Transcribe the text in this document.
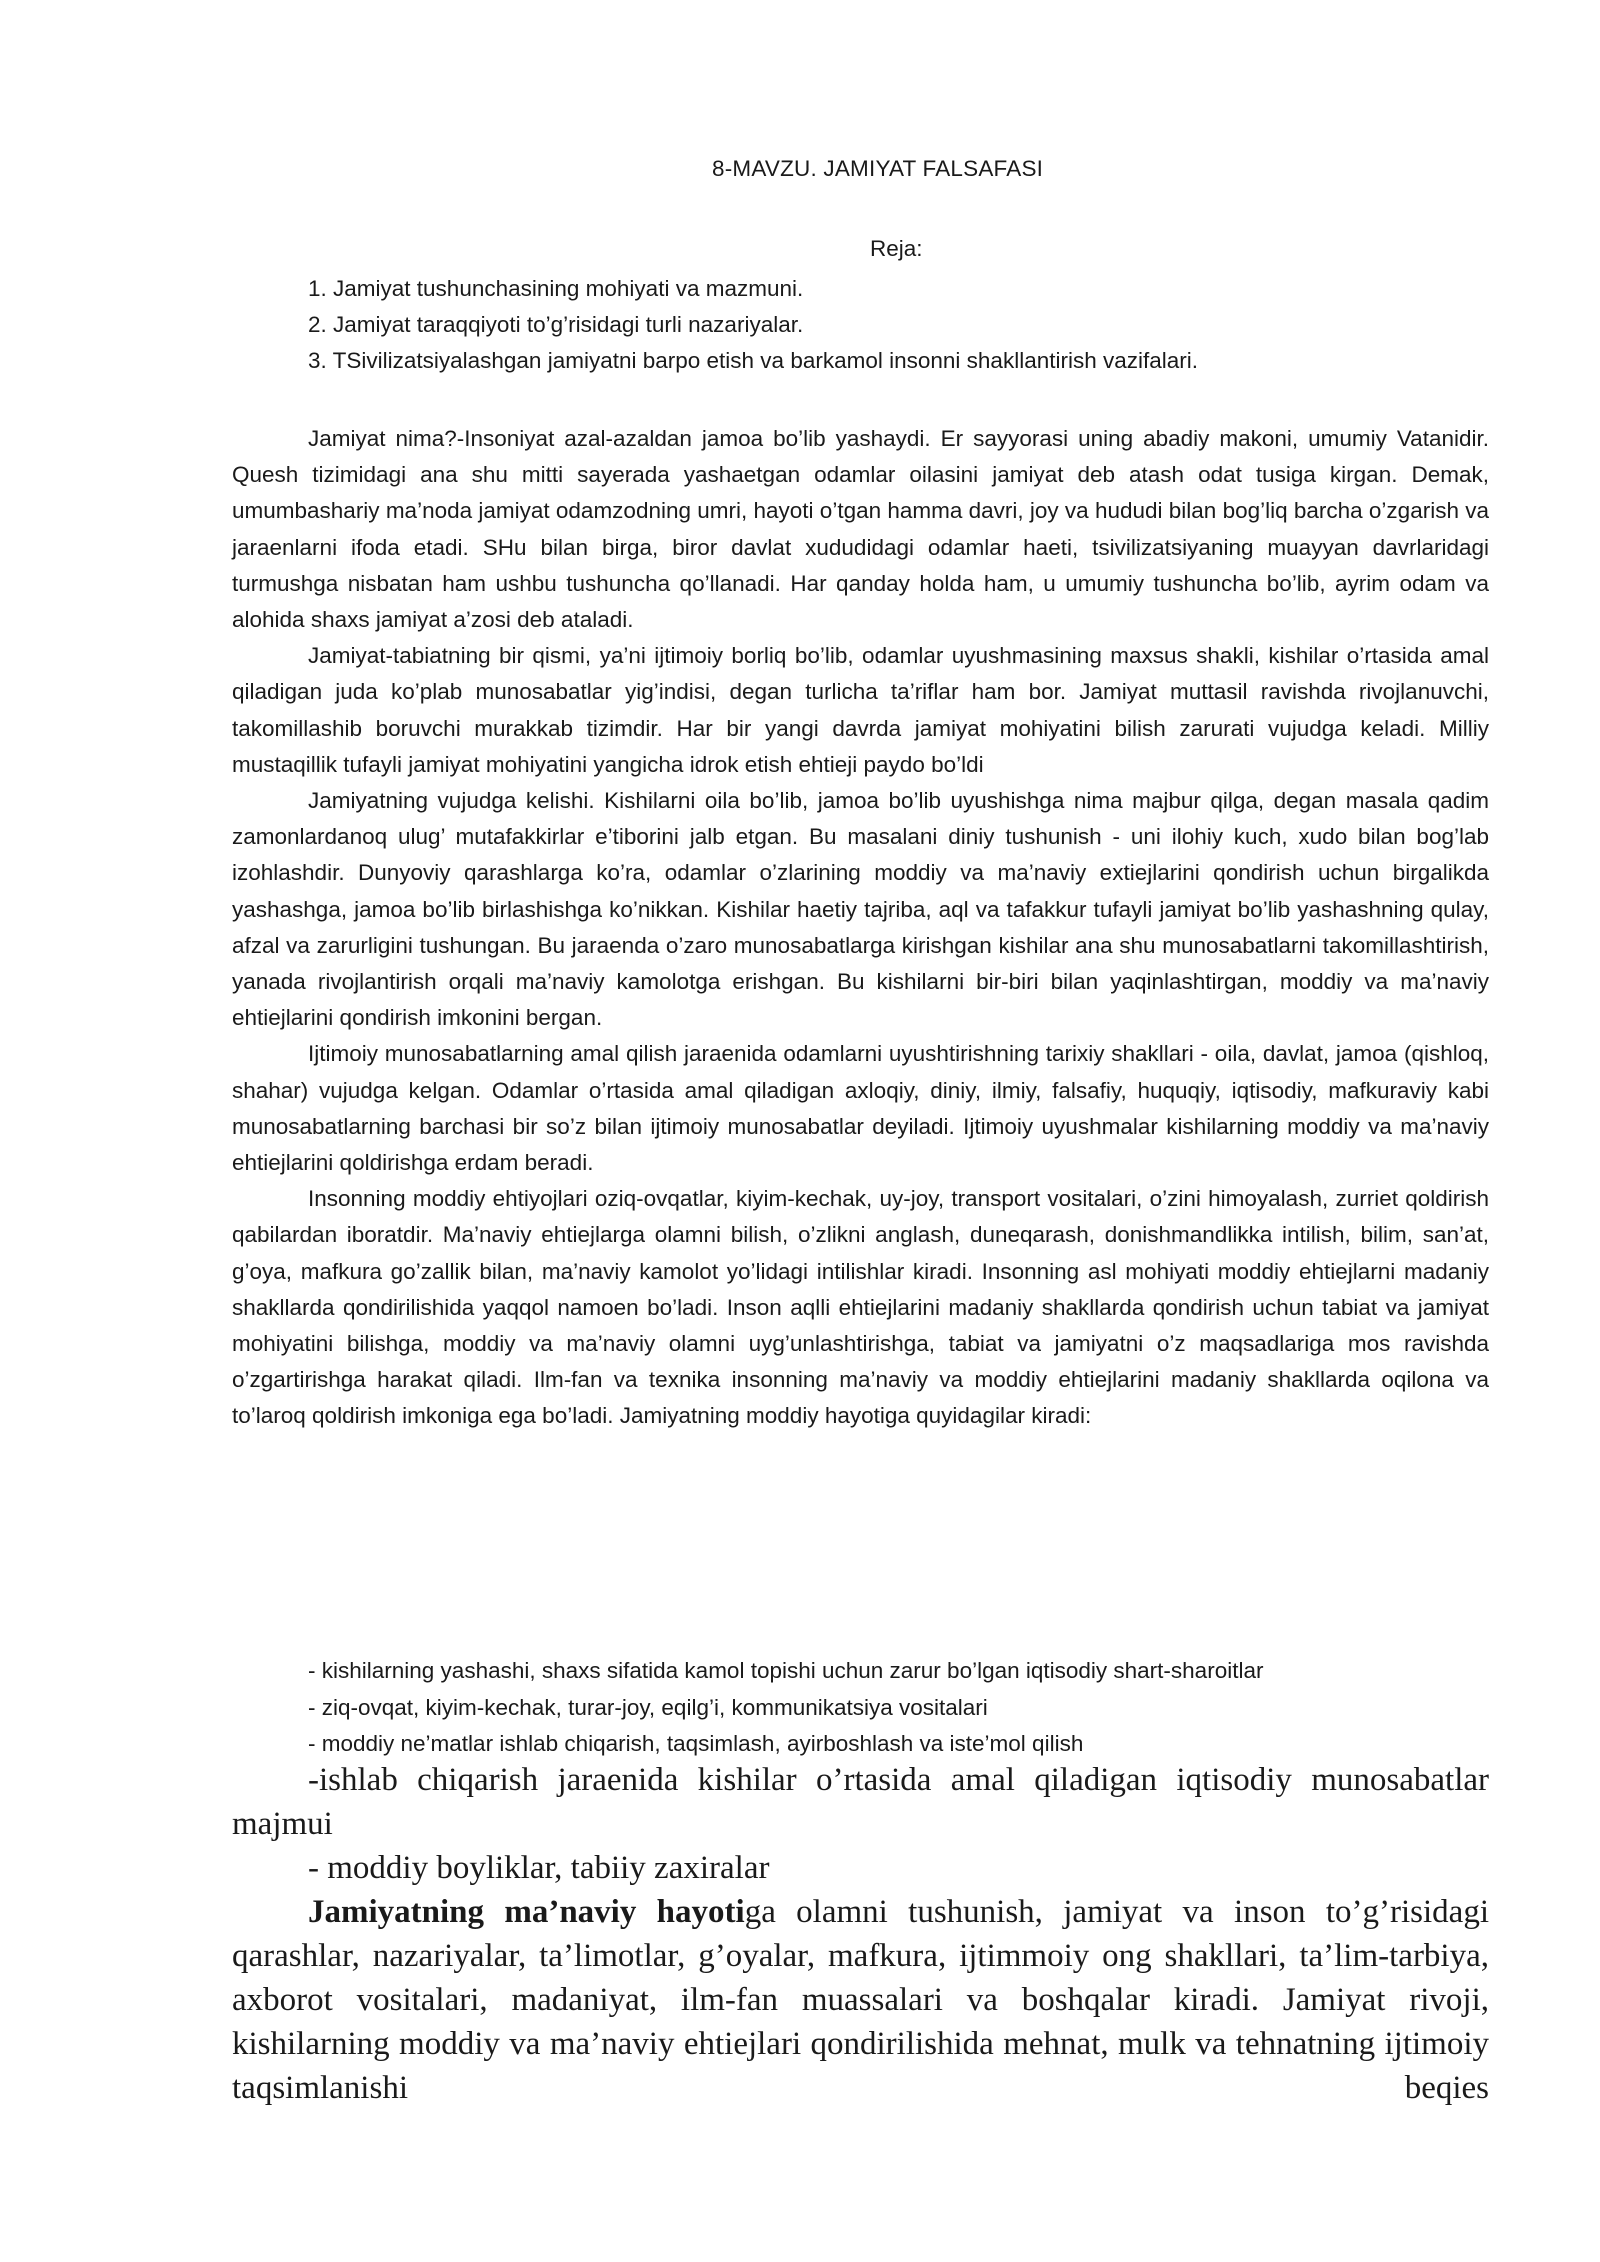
8-MAVZU. JAMIYAT FALSAFASI
Reja:
1. Jamiyat tushunchasining mohiyati va mazmuni.
2. Jamiyat taraqqiyoti to’g’risidagi turli nazariyalar.
3. TSivilizatsiyalashgan jamiyatni barpo etish va barkamol insonni shakllantirish vazifalari.

Jamiyat nima?-Insoniyat azal-azaldan jamoa bo’lib yashaydi. Er sayyorasi uning abadiy makoni, umumiy Vatanidir. Quesh tizimidagi ana shu mitti sayerada yashaetgan odamlar oilasini jamiyat deb atash odat tusiga kirgan. Demak, umumbashariy ma’noda jamiyat odamzodning umri, hayoti o’tgan hamma davri, joy va hududi bilan bog’liq barcha o’zgarish va jaraenlarni ifoda etadi. SHu bilan birga, biror davlat xududidagi odamlar haeti, tsivilizatsiyaning muayyan davrlaridagi turmushga nisbatan ham ushbu tushuncha qo’llanadi. Har qanday holda ham, u umumiy tushuncha bo’lib, ayrim odam va alohida shaxs jamiyat a’zosi deb ataladi.

Jamiyat-tabiatning bir qismi, ya’ni ijtimoiy borliq bo’lib, odamlar uyushmasining maxsus shakli, kishilar o’rtasida amal qiladigan juda ko’plab munosabatlar yig’indisi, degan turlicha ta’riflar ham bor. Jamiyat muttasil ravishda rivojlanuvchi, takomillashib boruvchi murakkab tizimdir. Har bir yangi davrda jamiyat mohiyatini bilish zarurati vujudga keladi. Milliy mustaqillik tufayli jamiyat mohiyatini yangicha idrok etish ehtieji paydo bo’ldi

Jamiyatning vujudga kelishi. Kishilarni oila bo’lib, jamoa bo’lib uyushishga nima majbur qilga, degan masala qadim zamonlardanoq ulug’ mutafakkirlar e’tiborini jalb etgan. Bu masalani diniy tushunish - uni ilohiy kuch, xudo bilan bog’lab izohlashdir. Dunyoviy qarashlarga ko’ra, odamlar o’zlarining moddiy va ma’naviy extiejlarini qondirish uchun birgalikda yashashga, jamoa bo’lib birlashishga ko’nikkan. Kishilar haetiy tajriba, aql va tafakkur tufayli jamiyat bo’lib yashashning qulay, afzal va zarurligini tushungan. Bu jaraenda o’zaro munosabatlarga kirishgan kishilar ana shu munosabatlarni takomillashtirish, yanada rivojlantirish orqali ma’naviy kamolotga erishgan. Bu kishilarni bir-biri bilan yaqinlashtirgan, moddiy va ma’naviy ehtiejlarini qondirish imkonini bergan.

Ijtimoiy munosabatlarning amal qilish jaraenida odamlarni uyushtirishning tarixiy shakllari - oila, davlat, jamoa (qishloq, shahar) vujudga kelgan. Odamlar o’rtasida amal qiladigan axloqiy, diniy, ilmiy, falsafiy, huquqiy, iqtisodiy, mafkuraviy kabi munosabatlarning barchasi bir so’z bilan ijtimoiy munosabatlar deyiladi. Ijtimoiy uyushmalar kishilarning moddiy va ma’naviy ehtiejlarini qoldirishga erdam beradi.

Insonning moddiy ehtiyojlari oziq-ovqatlar, kiyim-kechak, uy-joy, transport vositalari, o’zini himoyalash, zurriet qoldirish qabilardan iboratdir. Ma’naviy ehtiejlarga olamni bilish, o’zlikni anglash, duneqarash, donishmandlikka intilish, bilim, san’at, g’oya, mafkura go’zallik bilan, ma’naviy kamolot yo’lidagi intilishlar kiradi. Insonning asl mohiyati moddiy ehtiejlarni madaniy shakllarda qondirilishida yaqqol namoen bo’ladi. Inson aqlli ehtiejlarini madaniy shakllarda qondirish uchun tabiat va jamiyat mohiyatini bilishga, moddiy va ma’naviy olamni uyg’unlashtirishga, tabiat va jamiyatni o’z maqsadlariga mos ravishda o’zgartirishga harakat qiladi. Ilm-fan va texnika insonning ma’naviy va moddiy ehtiejlarini madaniy shakllarda oqilona va to’laroq qoldirish imkoniga ega bo’ladi. Jamiyatning moddiy hayotiga quyidagilar kiradi:

- kishilarning yashashi, shaxs sifatida kamol topishi uchun zarur bo’lgan iqtisodiy shart-sharoitlar
- ziq-ovqat, kiyim-kechak, turar-joy, eqilg’i, kommunikatsiya vositalari
- moddiy ne’matlar ishlab chiqarish, taqsimlash, ayirboshlash va iste’mol qilish

-ishlab chiqarish jaraenida kishilar o’rtasida amal qiladigan iqtisodiy munosabatlar majmui

- moddiy boyliklar, tabiiy zaxiralar

Jamiyatning ma’naviy hayotiga olamni tushunish, jamiyat va inson to’g’risidagi qarashlar, nazariyalar, ta’limotlar, g’oyalar, mafkura, ijtimmoiy ong shakllari, ta’lim-tarbiya, axborot vositalari, madaniyat, ilm-fan muassalari va boshqalar kiradi. Jamiyat rivoji, kishilarning moddiy va ma’naviy ehtiejlari qondirilishida mehnat, mulk va tehnatning ijtimoiy taqsimlanishi beqies
